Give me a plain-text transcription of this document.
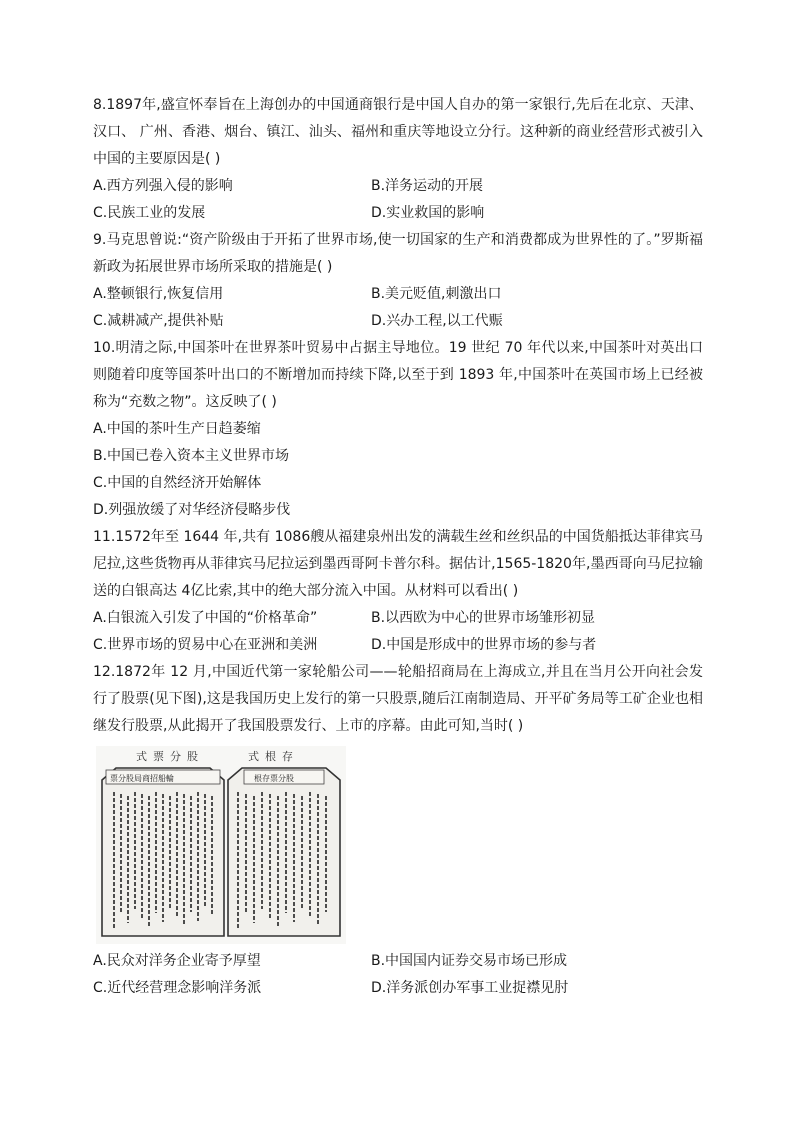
8.1897年,盛宣怀奉旨在上海创办的中国通商银行是中国人自办的第一家银行,先后在北京、天津、汉口、 广州、香港、烟台、镇江、汕头、福州和重庆等地设立分行。这种新的商业经营形式被引入中国的主要原因是( )

A.西方列强入侵的影响	B.洋务运动的开展
C.民族工业的发展	D.实业救国的影响

9.马克思曾说:“资产阶级由于开拓了世界市场,使一切国家的生产和消费都成为世界性的了。”罗斯福新政为拓展世界市场所采取的措施是( )

A.整顿银行,恢复信用	B.美元贬值,刺激出口
C.减耕减产,提供补贴	D.兴办工程,以工代赈

10.明清之际,中国茶叶在世界茶叶贸易中占据主导地位。19 世纪 70 年代以来,中国茶叶对英出口则随着印度等国茶叶出口的不断增加而持续下降,以至于到 1893 年,中国茶叶在英国市场上已经被称为“充数之物”。这反映了( )

A.中国的茶叶生产日趋萎缩
B.中国已卷入资本主义世界市场
C.中国的自然经济开始解体
D.列强放缓了对华经济侵略步伐

11.1572年至 1644 年,共有 1086艘从福建泉州出发的满载生丝和丝织品的中国货船抵达菲律宾马尼拉,这些货物再从菲律宾马尼拉运到墨西哥阿卡普尔科。据估计,1565-1820年,墨西哥向马尼拉输送的白银高达 4亿比索,其中的绝大部分流入中国。从材料可以看出( )

A.白银流入引发了中国的“价格革命”	B.以西欧为中心的世界市场雏形初显
C.世界市场的贸易中心在亚洲和美洲	D.中国是形成中的世界市场的参与者

12.1872年 12 月,中国近代第一家轮船公司——轮船招商局在上海成立,并且在当月公开向社会发行了股票(见下图),这是我国历史上发行的第一只股票,随后江南制造局、开平矿务局等工矿企业也相继发行股票,从此揭开了我国股票发行、上市的序幕。由此可知,当时( )

式票分股	式根存
票分股局商招船輪	根存票分股
A.民众对洋务企业寄予厚望	B.中国国内证券交易市场已形成
C.近代经营理念影响洋务派	D.洋务派创办军事工业捉襟见肘
